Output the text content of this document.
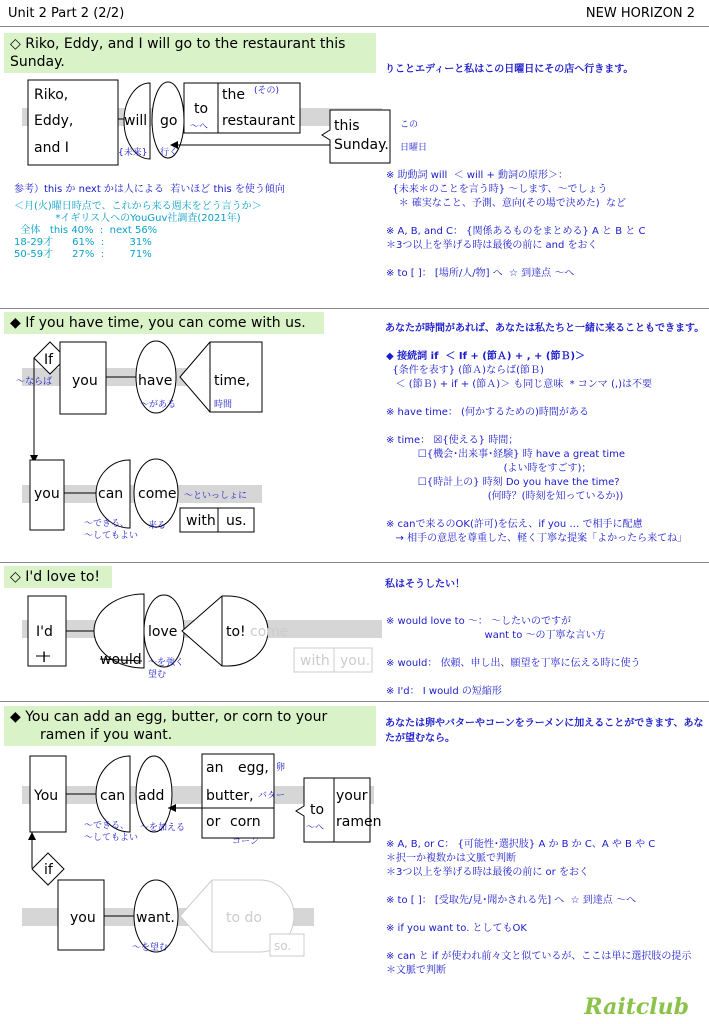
Unit 2 Part 2 (2/2)	NEW HORIZON 2
◇ Riko, Eddy, and I will go to the restaurant this Sunday.	りことエディーと私はこの日曜日にその店へ行きます。
Riko,
Eddy,
and I
will go
to
the
restaurant	this
Sunday.
(その)
〜へ
{未来} 行く
この
日曜日
参考）this か next かは人による  若いほど this を使う傾向
＜月(火)曜日時点で、これから来る週末をどう言うか＞
*イギリス人へのYouGuv社調査(2021年)
全体   this 40%  :  next 56%
18-29才      61%  :        31%
50-59才      27%  :        71%
※ 助動詞 will  ＜ will + 動詞の原形＞：
{未来＊のことを言う時} 〜します、〜でしょう
＊ 確実なこと、予測、意向(その場で決めた)  など

※ A, B, and C： {関係あるものをまとめる} A と B と C
＊3つ以上を挙げる時は最後の前に and をおく

※ to [ ]： [場所/人/物] へ  ☆ 到達点 〜へ
◆ If you have time, you can come with us.	あなたが時間があれば、あなたは私たちと一緒に来ることもできます。
If
you	have	time,
you	can come
with us.
〜ならば
〜がある	時間
〜といっしょに
来る
〜できる、
〜してもよい
◆ 接続詞 if  ＜ If + (節Ａ) + , + (節Ｂ)＞
{条件を表す} (節Ａ)ならば(節Ｂ)
＜ (節Ｂ) + if + (節Ａ)＞ も同じ意味  * コンマ (,)は不要

※ have time： (何かするための)時間がある

※ time： ☒{使える} 時間；
☐{機会･出来事･経験} 時 have a great time
(よい時をすごす)；
☐{時計上の} 時刻 Do you have the time?
(何時？(時刻を知っているか))

※ canで来るのOK(許可)を伝え、if you … で相手に配慮
→ 相手の意思を尊重した、軽く丁寧な提案「よかったら来てね」
◇ I'd love to!	私はそうしたい！
I'd
I	would
love	to! come
with you.
〜を強く
望む
※ would love to 〜： 〜したいのですが
want to 〜の丁寧な言い方

※ would： 依頼、申し出、願望を丁寧に伝える時に使う

※ I'd： I would の短縮形
◆ You can add an egg, butter, or corn to your
ramen if you want.
あなたは卵やバターやコーンをラーメンに加えることができます、あなたが望むなら。
You	can add
an egg,
butter,
or corn
to
your
ramen
if
you	want.	to do
so.
卵
バター
コーン
〜へ
〜を加える
〜を望む
〜できる、
〜してもよい
※ A, B, or C： {可能性･選択肢} A か B か C、A や B や C
＊択一か複数かは文脈で判断
＊3つ以上を挙げる時は最後の前に or をおく

※ to [ ]： [受取先/見･聞かされる先] へ  ☆ 到達点 〜へ

※ if you want to. としてもOK

※ can と if が使われ前々文と似ているが、ここは単に選択肢の提示
＊文脈で判断
Raitclub
